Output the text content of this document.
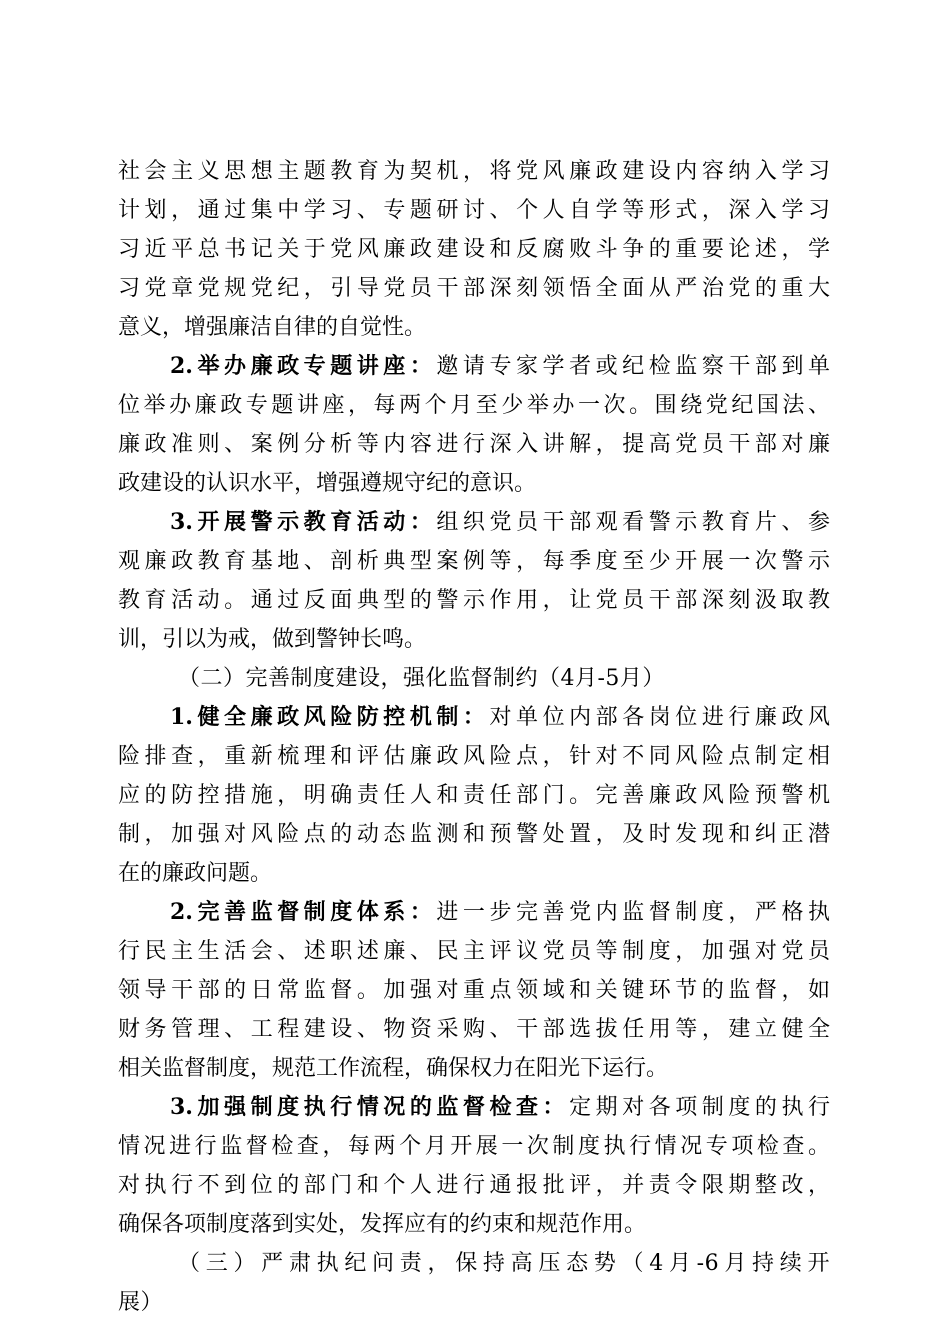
社会主义思想主题教育为契机，将党风廉政建设内容纳入学习
计划，通过集中学习、专题研讨、个人自学等形式，深入学习
习近平总书记关于党风廉政建设和反腐败斗争的重要论述，学
习党章党规党纪，引导党员干部深刻领悟全面从严治党的重大
意义，增强廉洁自律的自觉性。
2.举办廉政专题讲座：邀请专家学者或纪检监察干部到单
位举办廉政专题讲座，每两个月至少举办一次。围绕党纪国法、
廉政准则、案例分析等内容进行深入讲解，提高党员干部对廉
政建设的认识水平，增强遵规守纪的意识。
3.开展警示教育活动：组织党员干部观看警示教育片、参
观廉政教育基地、剖析典型案例等，每季度至少开展一次警示
教育活动。通过反面典型的警示作用，让党员干部深刻汲取教
训，引以为戒，做到警钟长鸣。
（二）完善制度建设，强化监督制约（4月-5月）
1.健全廉政风险防控机制：对单位内部各岗位进行廉政风
险排查，重新梳理和评估廉政风险点，针对不同风险点制定相
应的防控措施，明确责任人和责任部门。完善廉政风险预警机
制，加强对风险点的动态监测和预警处置，及时发现和纠正潜
在的廉政问题。
2.完善监督制度体系：进一步完善党内监督制度，严格执
行民主生活会、述职述廉、民主评议党员等制度，加强对党员
领导干部的日常监督。加强对重点领域和关键环节的监督，如
财务管理、工程建设、物资采购、干部选拔任用等，建立健全
相关监督制度，规范工作流程，确保权力在阳光下运行。
3.加强制度执行情况的监督检查：定期对各项制度的执行
情况进行监督检查，每两个月开展一次制度执行情况专项检查。
对执行不到位的部门和个人进行通报批评，并责令限期整改，
确保各项制度落到实处，发挥应有的约束和规范作用。
（三）严肃执纪问责，保持高压态势（4月-6月持续开
展）
